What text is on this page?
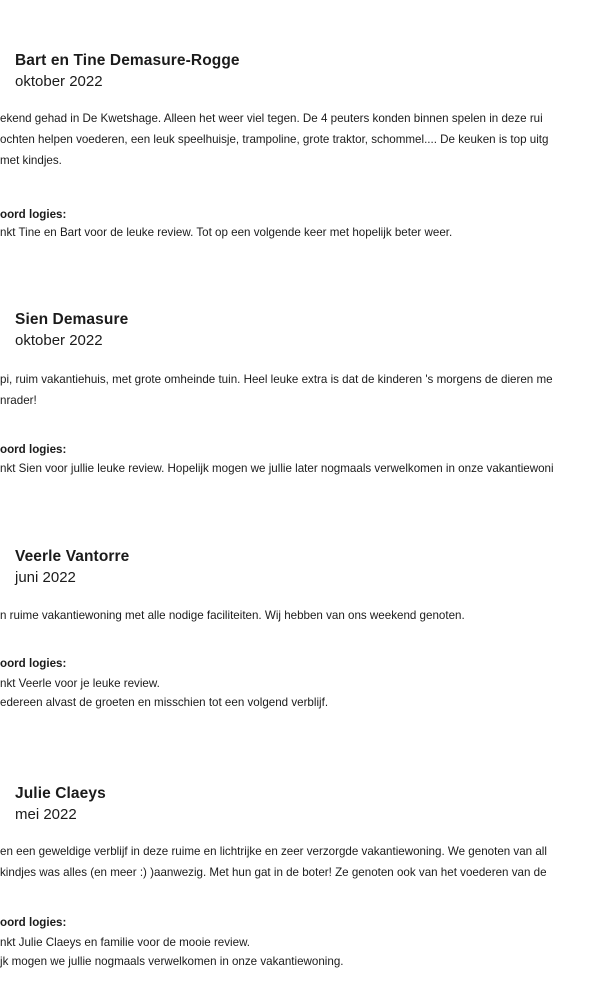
Bart en Tine Demasure-Rogge
oktober 2022
ekend gehad in De Kwetshage. Alleen het weer viel tegen. De 4 peuters konden binnen spelen in deze rui
ochten helpen voederen, een leuk speelhuisje, trampoline, grote traktor, schommel.... De keuken is top uitg
met kindjes.
oord logies:
nkt Tine en Bart voor de leuke review. Tot op een volgende keer met hopelijk beter weer.
Sien Demasure
oktober 2022
pi, ruim vakantiehuis, met grote omheinde tuin. Heel leuke extra is dat de kinderen 's morgens de dieren me
nrader!
oord logies:
nkt Sien voor jullie leuke review. Hopelijk mogen we jullie later nogmaals verwelkomen in onze vakantiewoni
Veerle Vantorre
juni 2022
n ruime vakantiewoning met alle nodige faciliteiten. Wij hebben van ons weekend genoten.
oord logies:
nkt Veerle voor je leuke review.
edereen alvast de groeten en misschien tot een volgend verblijf.
Julie Claeys
mei 2022
en een geweldige verblijf in deze ruime en lichtrijke en zeer verzorgde vakantiewoning. We genoten van all
kindjes was alles (en meer :) )aanwezig. Met hun gat in de boter! Ze genoten ook van het voederen van de
oord logies:
nkt Julie Claeys en familie voor de mooie review.
jk mogen we jullie nogmaals verwelkomen in onze vakantiewoning.
